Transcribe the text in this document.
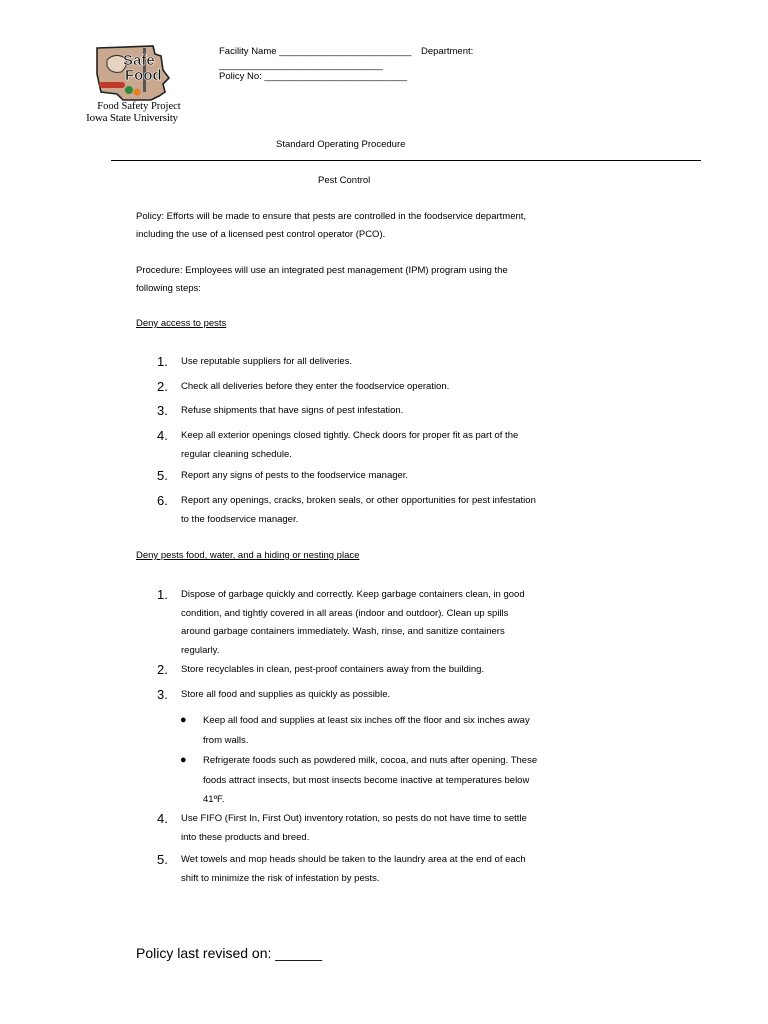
Safe
Food
Food Safety Project
Iowa State University
Facility Name _________________________ Department:
_______________________________
Policy No: ___________________________
Standard Operating Procedure
Pest Control
Policy: Efforts will be made to ensure that pests are controlled in the foodservice department,
including the use of a licensed pest control operator (PCO).
Procedure: Employees will use an integrated pest management (IPM) program using the
following steps:
Deny access to pests
1. Use reputable suppliers for all deliveries.
2. Check all deliveries before they enter the foodservice operation.
3. Refuse shipments that have signs of pest infestation.
4. Keep all exterior openings closed tightly. Check doors for proper fit as part of the
regular cleaning schedule.
5. Report any signs of pests to the foodservice manager.
6. Report any openings, cracks, broken seals, or other opportunities for pest infestation
to the foodservice manager.
Deny pests food, water, and a hiding or nesting place
1. Dispose of garbage quickly and correctly. Keep garbage containers clean, in good
condition, and tightly covered in all areas (indoor and outdoor). Clean up spills
around garbage containers immediately. Wash, rinse, and sanitize containers
regularly.
2. Store recyclables in clean, pest-proof containers away from the building.
3. Store all food and supplies as quickly as possible.
● Keep all food and supplies at least six inches off the floor and six inches away
from walls.
● Refrigerate foods such as powdered milk, cocoa, and nuts after opening. These
foods attract insects, but most insects become inactive at temperatures below
41ºF.
4. Use FIFO (First In, First Out) inventory rotation, so pests do not have time to settle
into these products and breed.
5. Wet towels and mop heads should be taken to the laundry area at the end of each
shift to minimize the risk of infestation by pests.
Policy last revised on: ______
